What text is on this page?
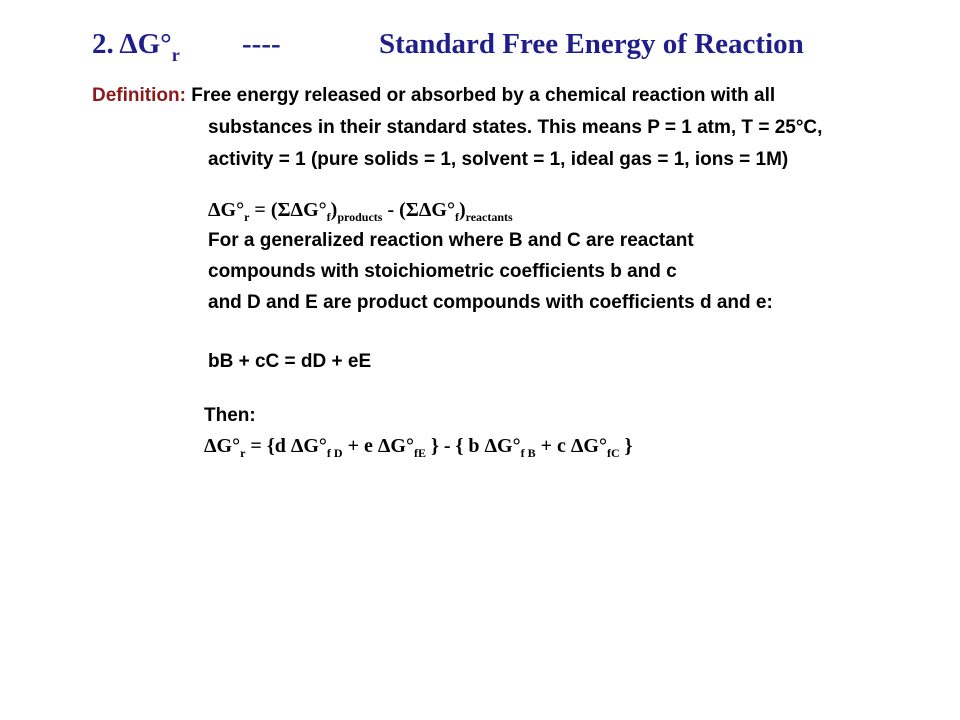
2. $\Delta G^\circ_r$ ----	Standard Free Energy of Reaction
Definition: Free energy released or absorbed by a chemical reaction with all
substances in their standard states. This means P = 1 atm, T = 25°C,
activity = 1 (pure solids = 1, solvent = 1, ideal gas = 1, ions = 1M)
$\Delta G^\circ_r = (\Sigma\Delta G^\circ_f)_{products} - (\Sigma\Delta G^\circ_f)_{reactants}$
For a generalized reaction where B and C are reactant
compounds with stoichiometric coefficients b and c
and D and E are product compounds with coefficients d and e:
bB + cC = dD + eE
Then:
$\Delta G^\circ_r = \{d$ $\Delta G^\circ_{f D} + e$ $\Delta G^\circ_{fE}$ } - { b $\Delta G^\circ_{f B} + c$ $\Delta G^\circ_{fC}$ }
